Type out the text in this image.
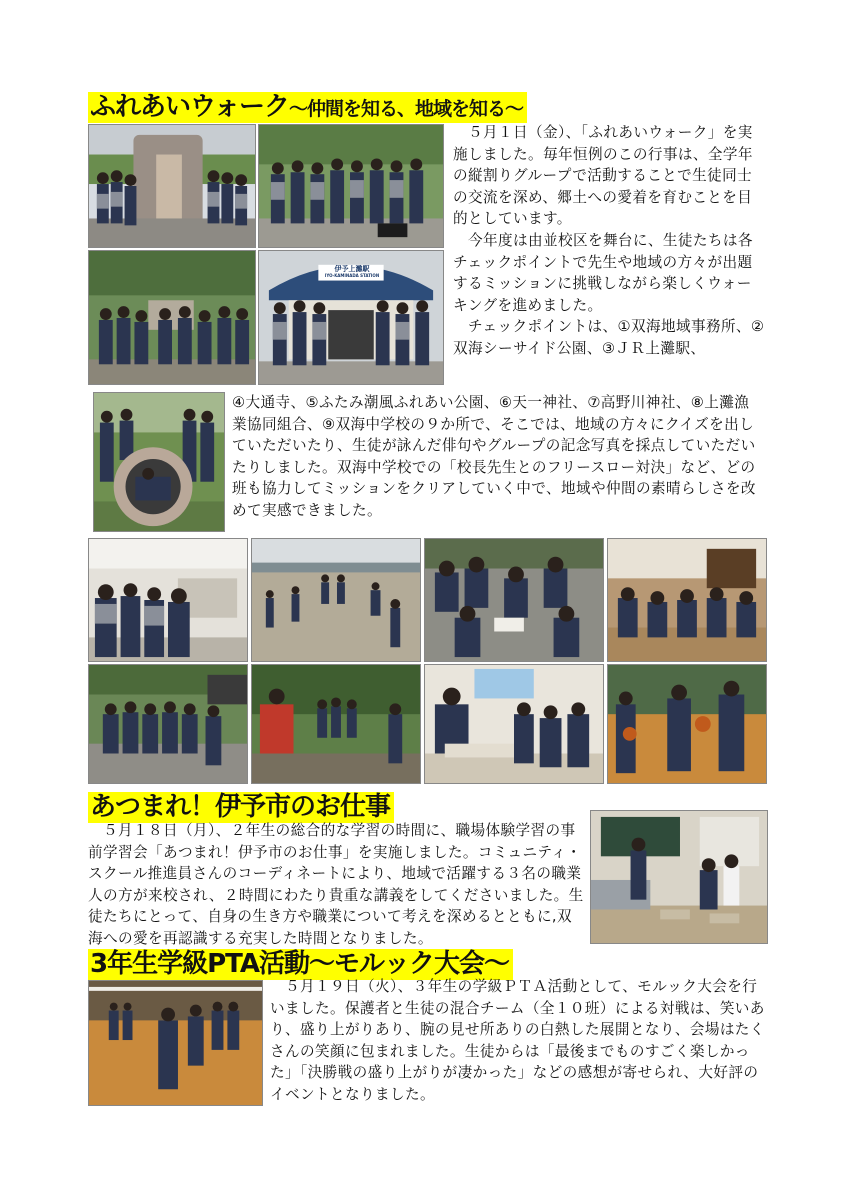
ふれあいウォーク～仲間を知る、地域を知る～
伊予上灘駅
IYO-KAMINADA STATION
　５月１日（金）、「ふれあいウォーク」を実施しました。毎年恒例のこの行事は、全学年の縦割りグループで活動することで生徒同士の交流を深め、郷土への愛着を育むことを目的としています。
　今年度は由並校区を舞台に、生徒たちは各チェックポイントで先生や地域の方々が出題するミッションに挑戦しながら楽しくウォーキングを進めました。
　チェックポイントは、①双海地域事務所、②双海シーサイド公園、③ＪＲ上灘駅、
④大通寺、⑤ふたみ潮風ふれあい公園、⑥天一神社、⑦高野川神社、⑧上灘漁業協同組合、⑨双海中学校の９か所で、そこでは、地域の方々にクイズを出していただいたり、生徒が詠んだ俳句やグループの記念写真を採点していただいたりしました。双海中学校での「校長先生とのフリースロー対決」など、どの班も協力してミッションをクリアしていく中で、地域や仲間の素晴らしさを改めて実感できました。
あつまれ！伊予市のお仕事
　５月１８日（月）、２年生の総合的な学習の時間に、職場体験学習の事前学習会「あつまれ！伊予市のお仕事」を実施しました。コミュニティ・スクール推進員さんのコーディネートにより、地域で活躍する３名の職業人の方が来校され、２時間にわたり貴重な講義をしてくださいました。生徒たちにとって、自身の生き方や職業について考えを深めるとともに,双海への愛を再認識する充実した時間となりました。
3年生学級PTA活動～モルック大会～
　５月１９日（火）、３年生の学級ＰＴＡ活動として、モルック大会を行いました。保護者と生徒の混合チーム（全１０班）による対戦は、笑いあり、盛り上がりあり、腕の見せ所ありの白熱した展開となり、会場はたくさんの笑顔に包まれました。生徒からは「最後までものすごく楽しかった」「決勝戦の盛り上がりが凄かった」などの感想が寄せられ、大好評のイベントとなりました。
